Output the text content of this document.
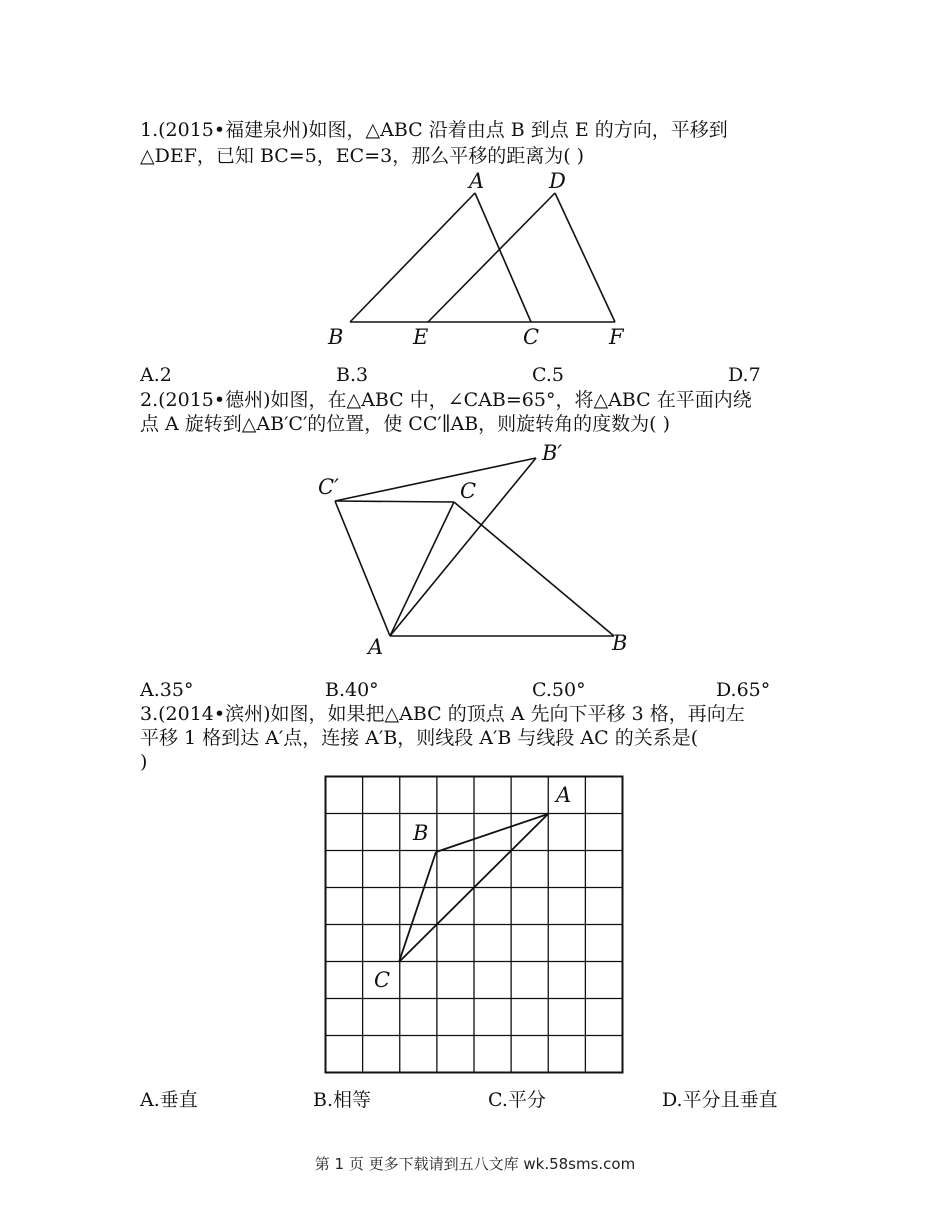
1.(2015•福建泉州)如图，△ABC 沿着由点 B 到点 E 的方向，平移到
△DEF，已知 BC=5，EC=3，那么平移的距离为( )
A	D
B	E	C	F
A.2	B.3	C.5	D.7
2.(2015•德州)如图，在△ABC 中，∠CAB=65°，将△ABC 在平面内绕
点 A 旋转到△AB′C′的位置，使 CC′∥AB，则旋转角的度数为( )
B′
C′	C
A	B
A.35°	B.40°	C.50°	D.65°
3.(2014•滨州)如图，如果把△ABC 的顶点 A 先向下平移 3 格，再向左
平移 1 格到达 A′点，连接 A′B，则线段 A′B 与线段 AC 的关系是(
)
A
B
C
A.垂直	B.相等	C.平分	D.平分且垂直
第 1 页 更多下载请到五八文库 wk.58sms.com
